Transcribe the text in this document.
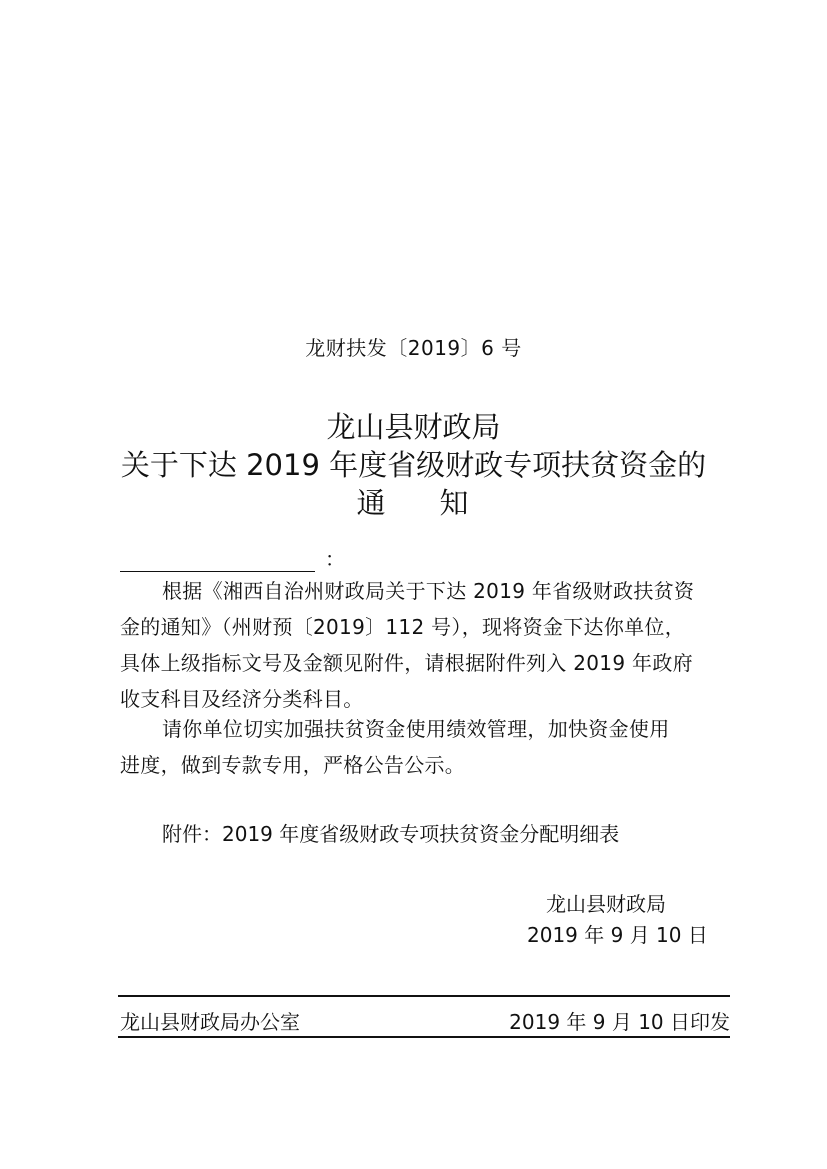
龙财扶发〔2019〕6 号
龙山县财政局
关于下达 2019 年度省级财政专项扶贫资金的
通 知
：
根据《湘西自治州财政局关于下达 2019 年省级财政扶贫资
金的通知》（州财预〔2019〕112 号），现将资金下达你单位，
具体上级指标文号及金额见附件，请根据附件列入 2019 年政府
收支科目及经济分类科目。
请你单位切实加强扶贫资金使用绩效管理，加快资金使用
进度，做到专款专用，严格公告公示。
附件：2019 年度省级财政专项扶贫资金分配明细表
龙山县财政局
2019 年 9 月 10 日
龙山县财政局办公室	2019 年 9 月 10 日印发
